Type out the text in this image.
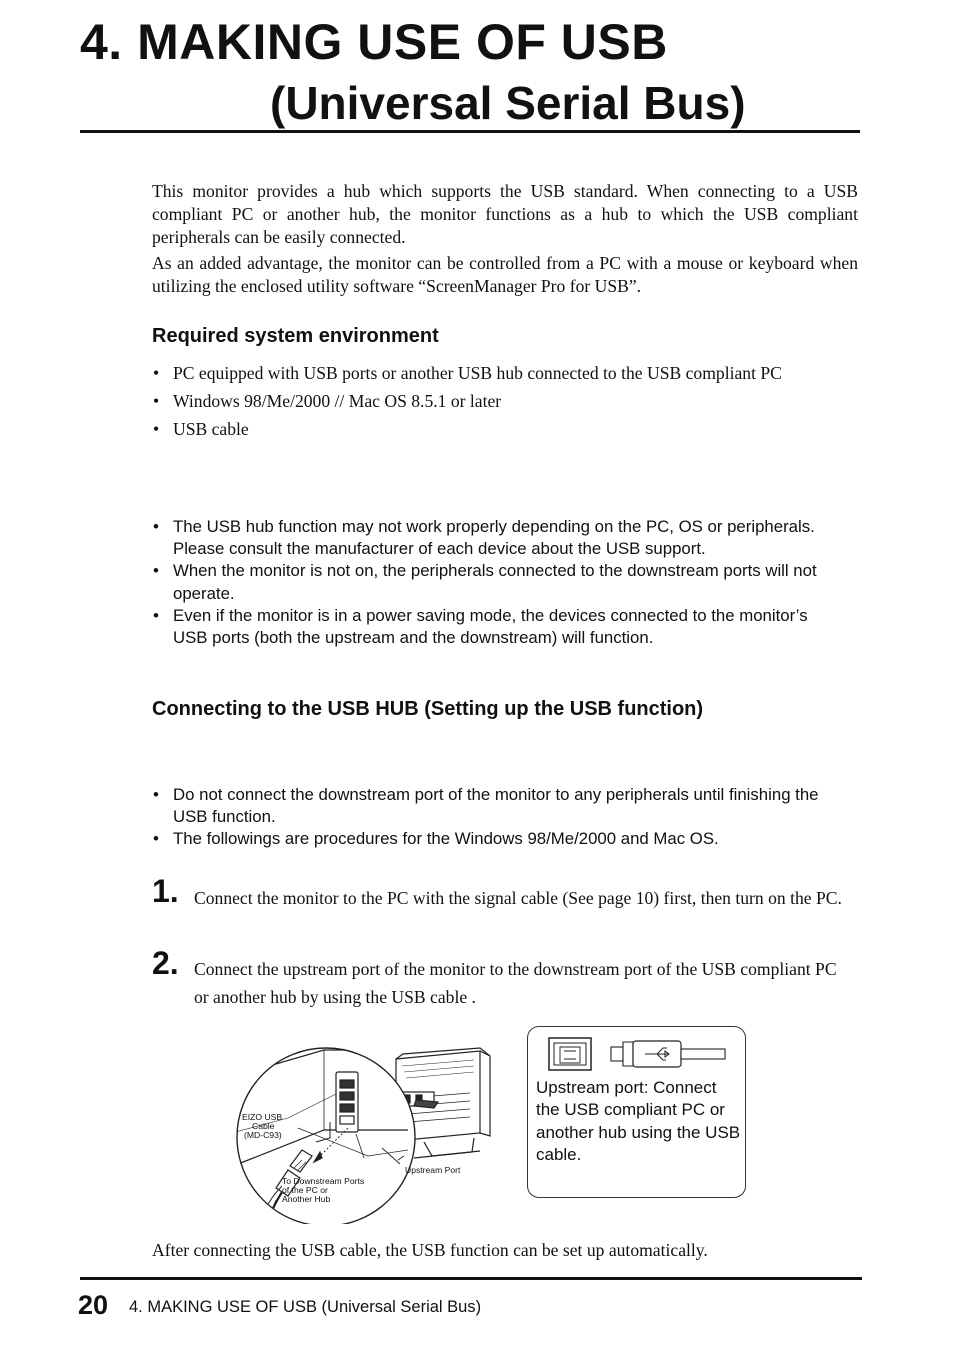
4. MAKING USE OF USB
(Universal Serial Bus)
This monitor provides a hub which supports the USB standard. When connecting to a USB compliant PC or another hub, the monitor functions as a hub to which the USB compliant peripherals can be easily connected.
As an added advantage, the monitor can be controlled from a PC with a mouse or keyboard when utilizing the enclosed utility software “ScreenManager Pro for USB”.
Required system environment
• PC equipped with USB ports or another USB hub connected to the USB compliant PC
• Windows 98/Me/2000 // Mac OS 8.5.1 or later
• USB cable
• The USB hub function may not work properly depending on the PC, OS or peripherals. Please consult the manufacturer of each device about the USB support.
• When the monitor is not on, the peripherals connected to the downstream ports will not operate.
• Even if the monitor is in a power saving mode, the devices connected to the monitor’s USB ports (both the upstream and the downstream) will function.
Connecting to the USB HUB (Setting up the USB function)
• Do not connect the downstream port of the monitor to any peripherals until finishing the USB function.
• The followings are procedures for the Windows 98/Me/2000 and Mac OS.
1. Connect the monitor to the PC with the signal cable (See page 10) first, then turn on the PC.
2. Connect the upstream port of the monitor to the downstream port of the USB compliant PC or another hub by using the USB cable .
EIZO USB
Cable
(MD-C93)
To Downstream Ports
of the PC or
Another Hub
Upstream Port
Upstream port: Connect the USB compliant PC or another hub using the USB cable.
After connecting the USB cable, the USB function can be set up automatically.
20 4. MAKING USE OF USB (Universal Serial Bus)
